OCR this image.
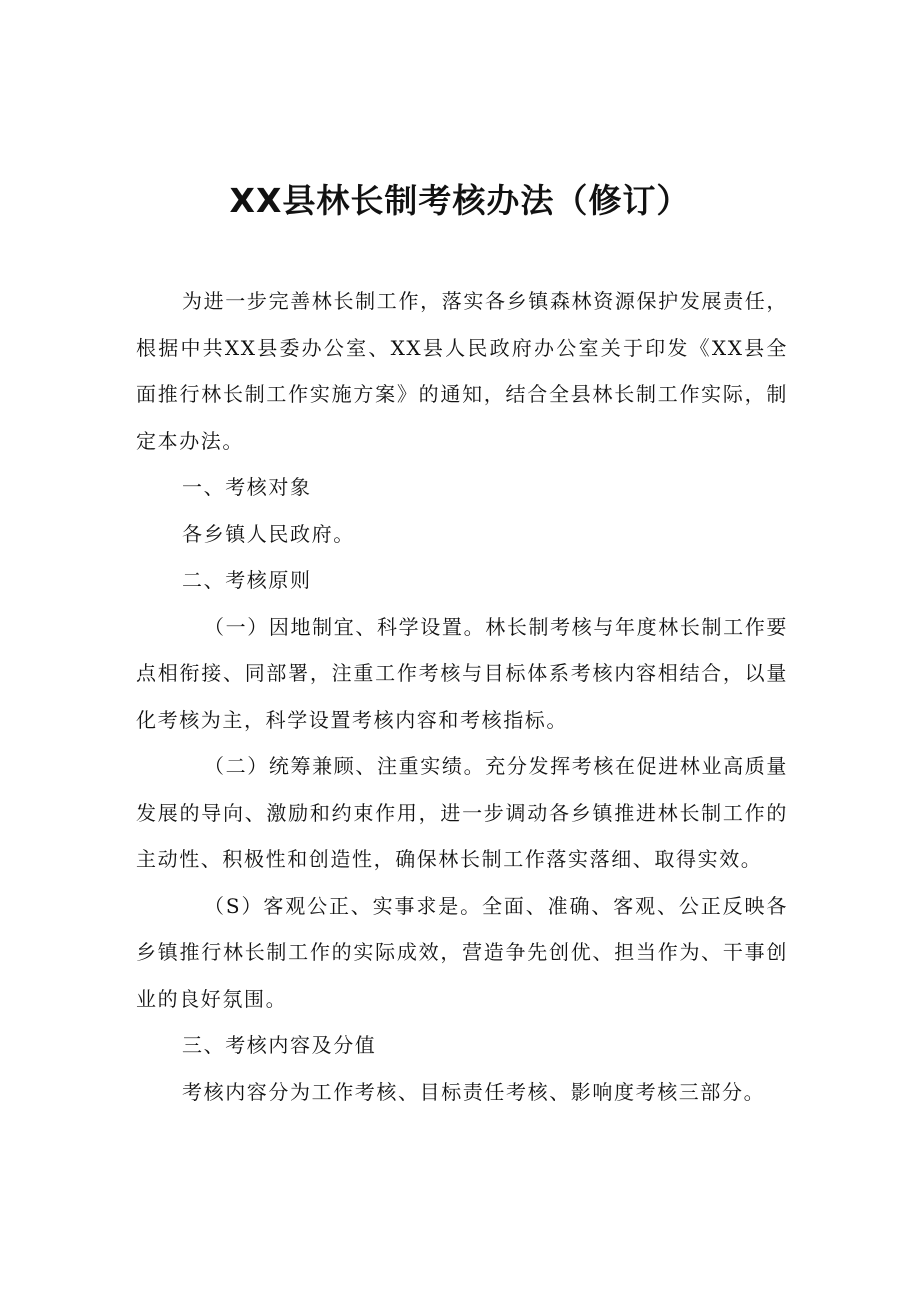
XX县林长制考核办法（修订）

为进一步完善林长制工作，落实各乡镇森林资源保护发展责任，根据中共XX县委办公室、XX县人民政府办公室关于印发《XX县全面推行林长制工作实施方案》的通知，结合全县林长制工作实际，制定本办法。

一、考核对象

各乡镇人民政府。

二、考核原则

（一）因地制宜、科学设置。林长制考核与年度林长制工作要点相衔接、同部署，注重工作考核与目标体系考核内容相结合，以量化考核为主，科学设置考核内容和考核指标。

（二）统筹兼顾、注重实绩。充分发挥考核在促进林业高质量发展的导向、激励和约束作用，进一步调动各乡镇推进林长制工作的主动性、积极性和创造性，确保林长制工作落实落细、取得实效。

（S）客观公正、实事求是。全面、准确、客观、公正反映各乡镇推行林长制工作的实际成效，营造争先创优、担当作为、干事创业的良好氛围。

三、考核内容及分值

考核内容分为工作考核、目标责任考核、影响度考核三部分。
